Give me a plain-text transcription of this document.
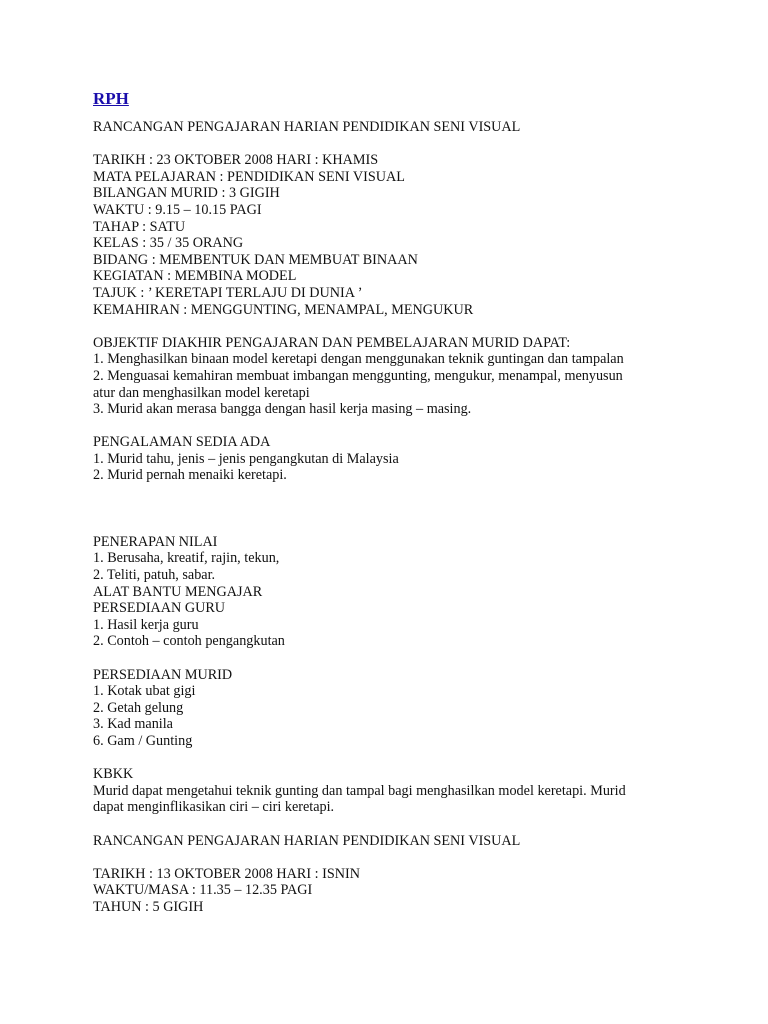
RPH
RANCANGAN PENGAJARAN HARIAN PENDIDIKAN SENI VISUAL
TARIKH : 23 OKTOBER 2008 HARI : KHAMIS
MATA PELAJARAN : PENDIDIKAN SENI VISUAL
BILANGAN MURID : 3 GIGIH
WAKTU : 9.15 – 10.15 PAGI
TAHAP : SATU
KELAS : 35 / 35 ORANG
BIDANG : MEMBENTUK DAN MEMBUAT BINAAN
KEGIATAN : MEMBINA MODEL
TAJUK : ’ KERETAPI TERLAJU DI DUNIA ’
KEMAHIRAN : MENGGUNTING, MENAMPAL, MENGUKUR
OBJEKTIF DIAKHIR PENGAJARAN DAN PEMBELAJARAN MURID DAPAT:
1. Menghasilkan binaan model keretapi dengan menggunakan teknik guntingan dan tampalan
2. Menguasai kemahiran membuat imbangan menggunting, mengukur, menampal, menyusun
atur dan menghasilkan model keretapi
3. Murid akan merasa bangga dengan hasil kerja masing – masing.
PENGALAMAN SEDIA ADA
1. Murid tahu, jenis – jenis pengangkutan di Malaysia
2. Murid pernah menaiki keretapi.
PENERAPAN NILAI
1. Berusaha, kreatif, rajin, tekun,
2. Teliti, patuh, sabar.
ALAT BANTU MENGAJAR
PERSEDIAAN GURU
1. Hasil kerja guru
2. Contoh – contoh pengangkutan
PERSEDIAAN MURID
1. Kotak ubat gigi
2. Getah gelung
3. Kad manila
6. Gam / Gunting
KBKK
Murid dapat mengetahui teknik gunting dan tampal bagi menghasilkan model keretapi. Murid
dapat menginflikasikan ciri – ciri keretapi.
RANCANGAN PENGAJARAN HARIAN PENDIDIKAN SENI VISUAL
TARIKH : 13 OKTOBER 2008 HARI : ISNIN
WAKTU/MASA : 11.35 – 12.35 PAGI
TAHUN : 5 GIGIH
